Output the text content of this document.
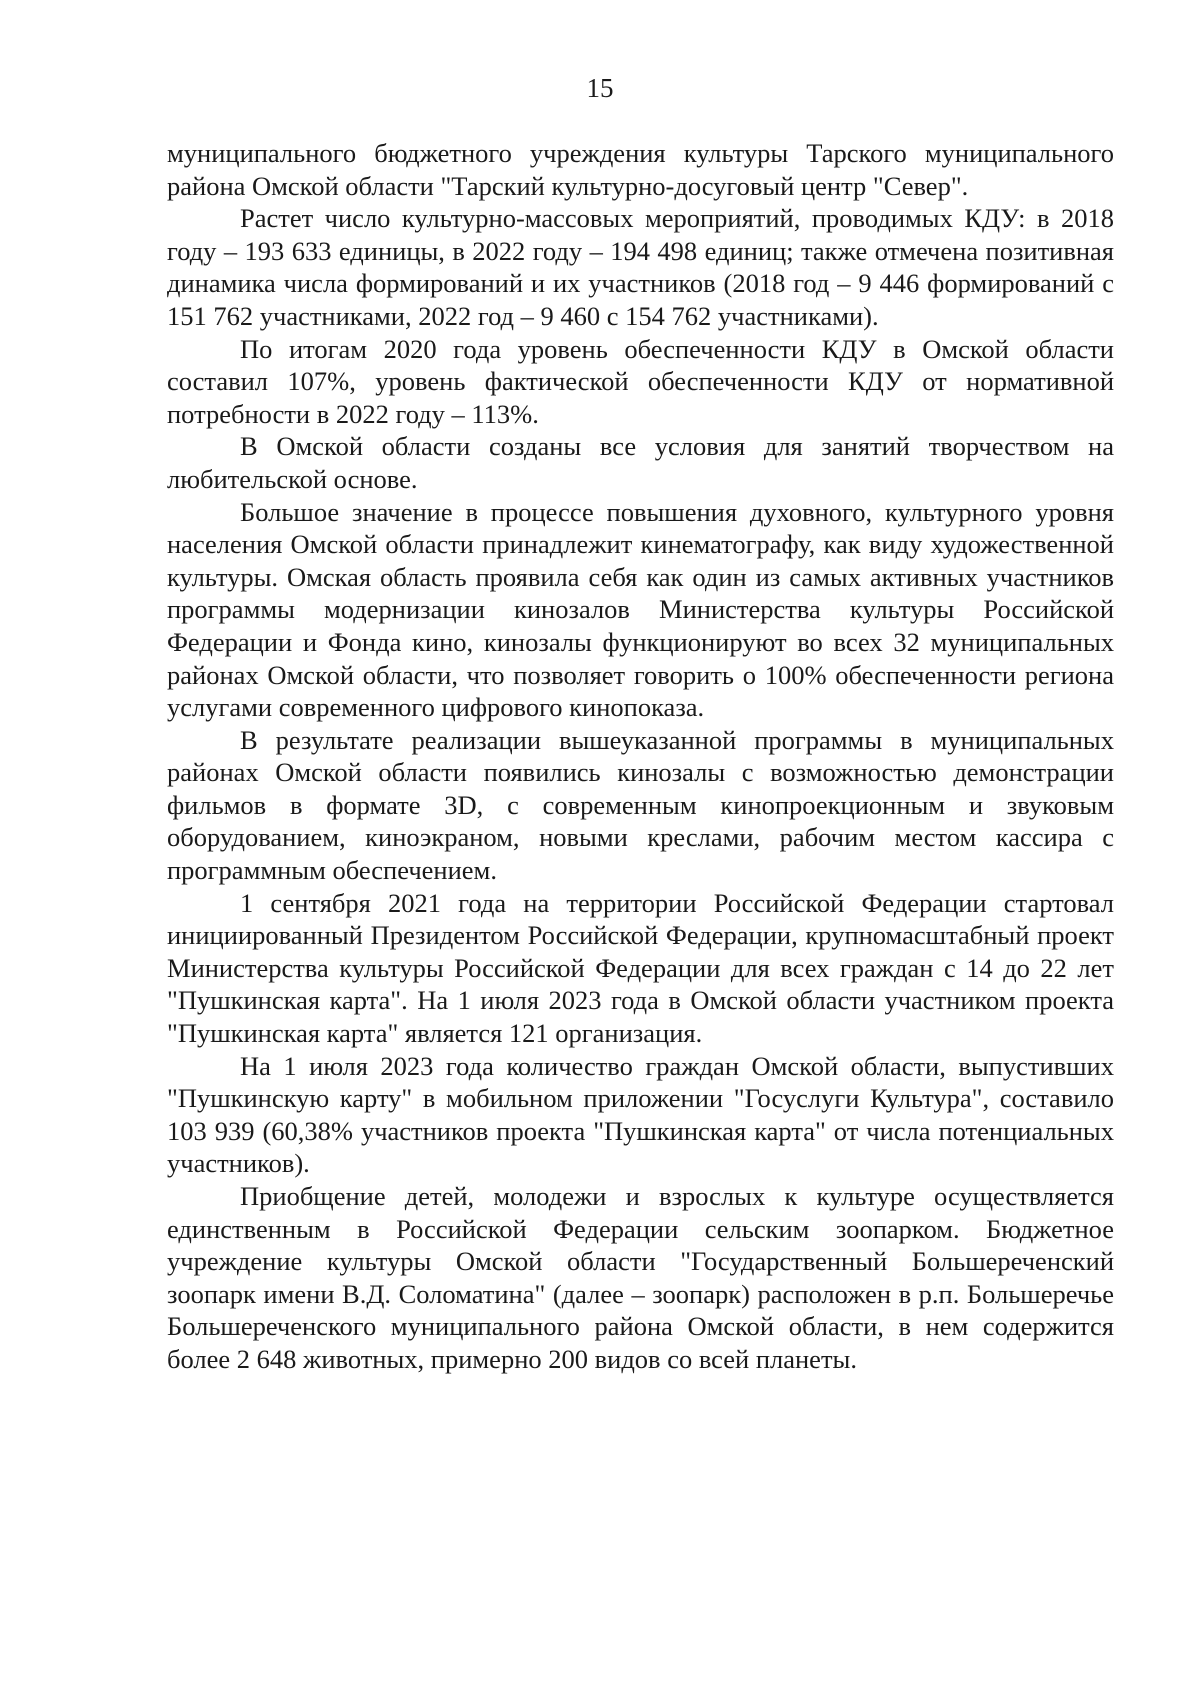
15

муниципального бюджетного учреждения культуры Тарского муниципального района Омской области "Тарский культурно-досуговый центр "Север".

Растет число культурно-массовых мероприятий, проводимых КДУ: в 2018 году – 193 633 единицы, в 2022 году – 194 498 единиц; также отмечена позитивная динамика числа формирований и их участников (2018 год – 9 446 формирований с 151 762 участниками, 2022 год – 9 460 с 154 762 участниками).

По итогам 2020 года уровень обеспеченности КДУ в Омской области составил 107%, уровень фактической обеспеченности КДУ от нормативной потребности в 2022 году – 113%.

В Омской области созданы все условия для занятий творчеством на любительской основе.

Большое значение в процессе повышения духовного, культурного уровня населения Омской области принадлежит кинематографу, как виду художественной культуры. Омская область проявила себя как один из самых активных участников программы модернизации кинозалов Министерства культуры Российской Федерации и Фонда кино, кинозалы функционируют во всех 32 муниципальных районах Омской области, что позволяет говорить о 100% обеспеченности региона услугами современного цифрового кинопоказа.

В результате реализации вышеуказанной программы в муниципальных районах Омской области появились кинозалы с возможностью демонстрации фильмов в формате 3D, с современным кинопроекционным и звуковым оборудованием, киноэкраном, новыми креслами, рабочим местом кассира с программным обеспечением.

1 сентября 2021 года на территории Российской Федерации стартовал инициированный Президентом Российской Федерации, крупномасштабный проект Министерства культуры Российской Федерации для всех граждан с 14 до 22 лет "Пушкинская карта". На 1 июля 2023 года в Омской области участником проекта "Пушкинская карта" является 121 организация.

На 1 июля 2023 года количество граждан Омской области, выпустивших "Пушкинскую карту" в мобильном приложении "Госуслуги Культура", составило 103 939 (60,38% участников проекта "Пушкинская карта" от числа потенциальных участников).

Приобщение детей, молодежи и взрослых к культуре осуществляется единственным в Российской Федерации сельским зоопарком. Бюджетное учреждение культуры Омской области "Государственный Большереченский зоопарк имени В.Д. Соломатина" (далее – зоопарк) расположен в р.п. Большеречье Большереченского муниципального района Омской области, в нем содержится более 2 648 животных, примерно 200 видов со всей планеты.
